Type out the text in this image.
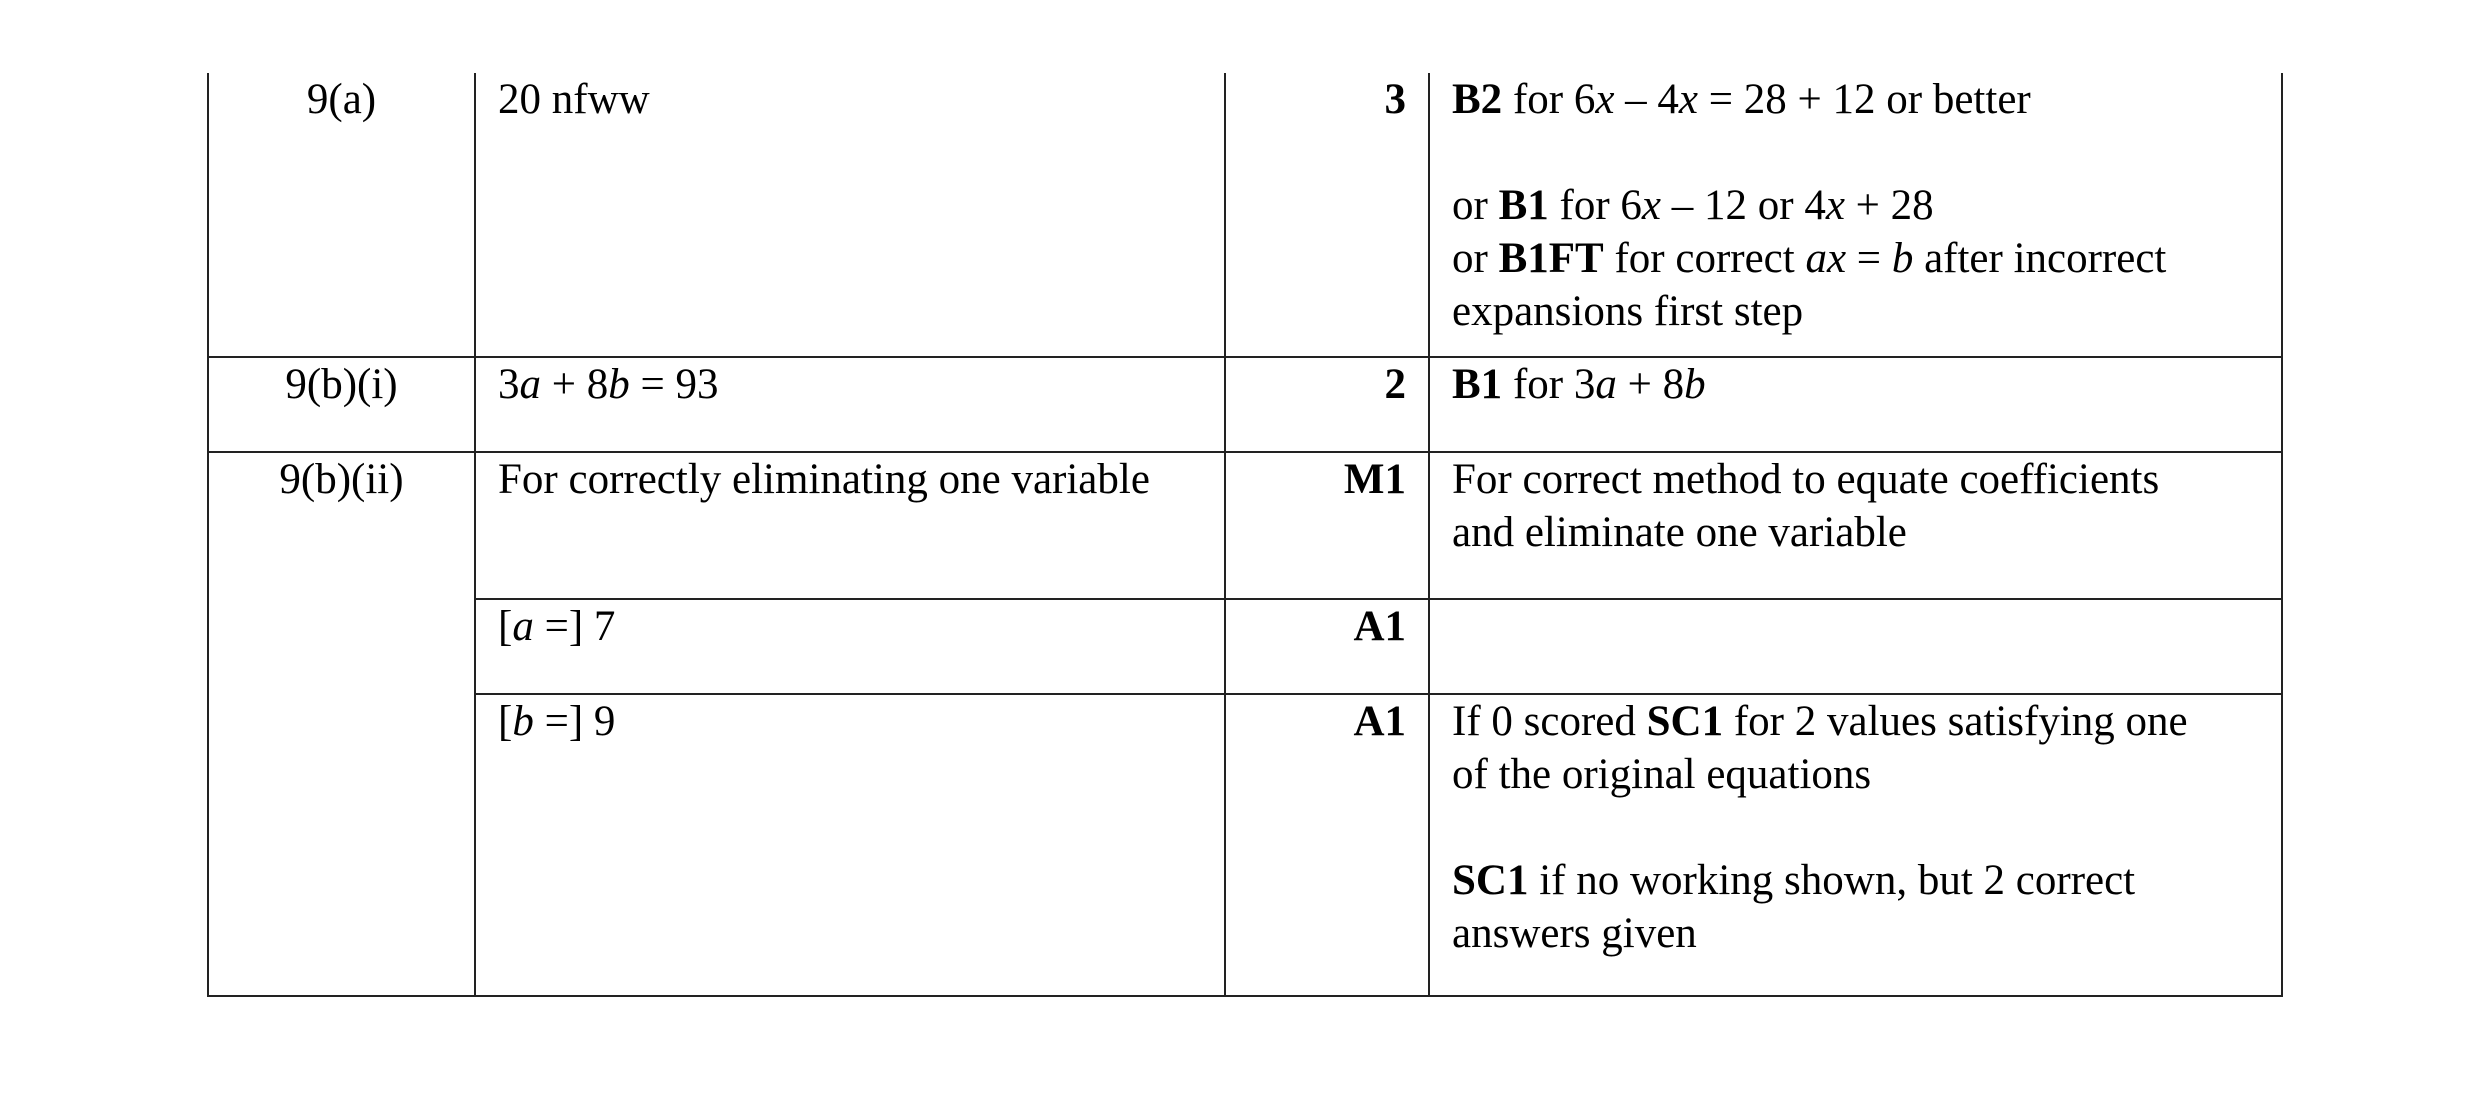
9(a)	20 nfww	3	B2 for 6x – 4x = 28 + 12 or better
or B1 for 6x – 12 or 4x + 28
or B1FT for correct ax = b after incorrect
expansions first step

9(b)(i)	3a + 8b = 93	2	B1 for 3a + 8b
9(b)(ii)	For correctly eliminating one variable	M1	For correct method to equate coefficients
and eliminate one variable

	[a =] 7	A1	
	[b =] 9	A1	If 0 scored SC1 for 2 values satisfying one
of the original equations
SC1 if no working shown, but 2 correct
answers given
